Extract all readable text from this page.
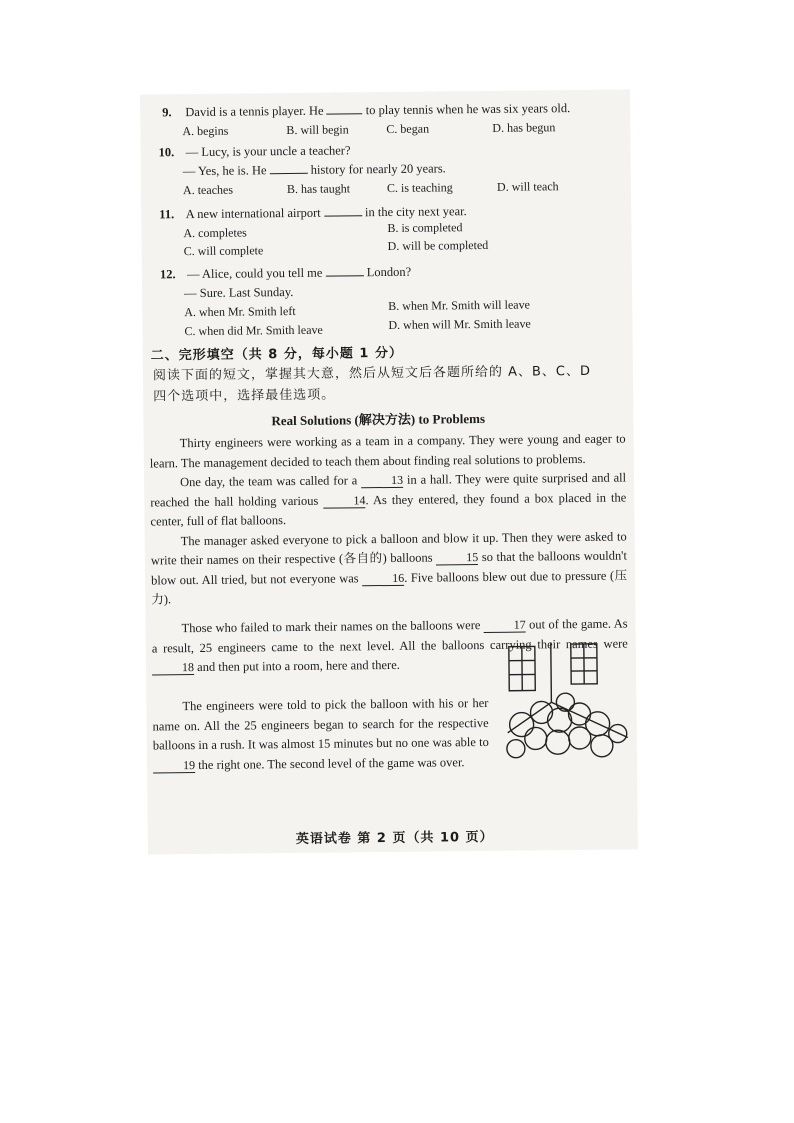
9. David is a tennis player. He	to play tennis when he was six years old.
A. begins	B. will begin	C. began	D. has begun
10. — Lucy, is your uncle a teacher?
— Yes, he is. He	history for nearly 20 years.
A. teaches	B. has taught	C. is teaching	D. will teach
11. A new international airport	in the city next year.
A. completes	B. is completed
C. will complete	D. will be completed
12. — Alice, could you tell me	London?
— Sure. Last Sunday.
A. when Mr. Smith left	B. when Mr. Smith will leave
C. when did Mr. Smith leave	D. when will Mr. Smith leave
二、完形填空（共 8 分，每小题 1 分）
阅读下面的短文，掌握其大意，然后从短文后各题所给的 A、B、C、D
四个选项中，选择最佳选项。
Real Solutions (解决方法) to Problems

Thirty engineers were working as a team in a company. They were young and eager to learn. The management decided to teach them about finding real solutions to problems.

One day, the team was called for a	13 in a hall. They were quite surprised and all reached the hall holding various	14. As they entered, they found a box placed in the center, full of flat balloons.

The manager asked everyone to pick a balloon and blow it up. Then they were asked to write their names on their respective (各自的) balloons	15 so that the balloons wouldn't blow out. All tried, but not everyone was	16. Five balloons blew out due to pressure (压力).

Those who failed to mark their names on the balloons were	17 out of the game. As a result, 25 engineers came to the next level. All the balloons carrying their names were 18 and then put into a room, here and there.

The engineers were told to pick the balloon with his or her name on. All the 25 engineers began to search for the respective balloons in a rush. It was almost 15 minutes but no one was able to 19 the right one. The second level of the game was over.

英语试卷 第 2 页（共 10 页）
